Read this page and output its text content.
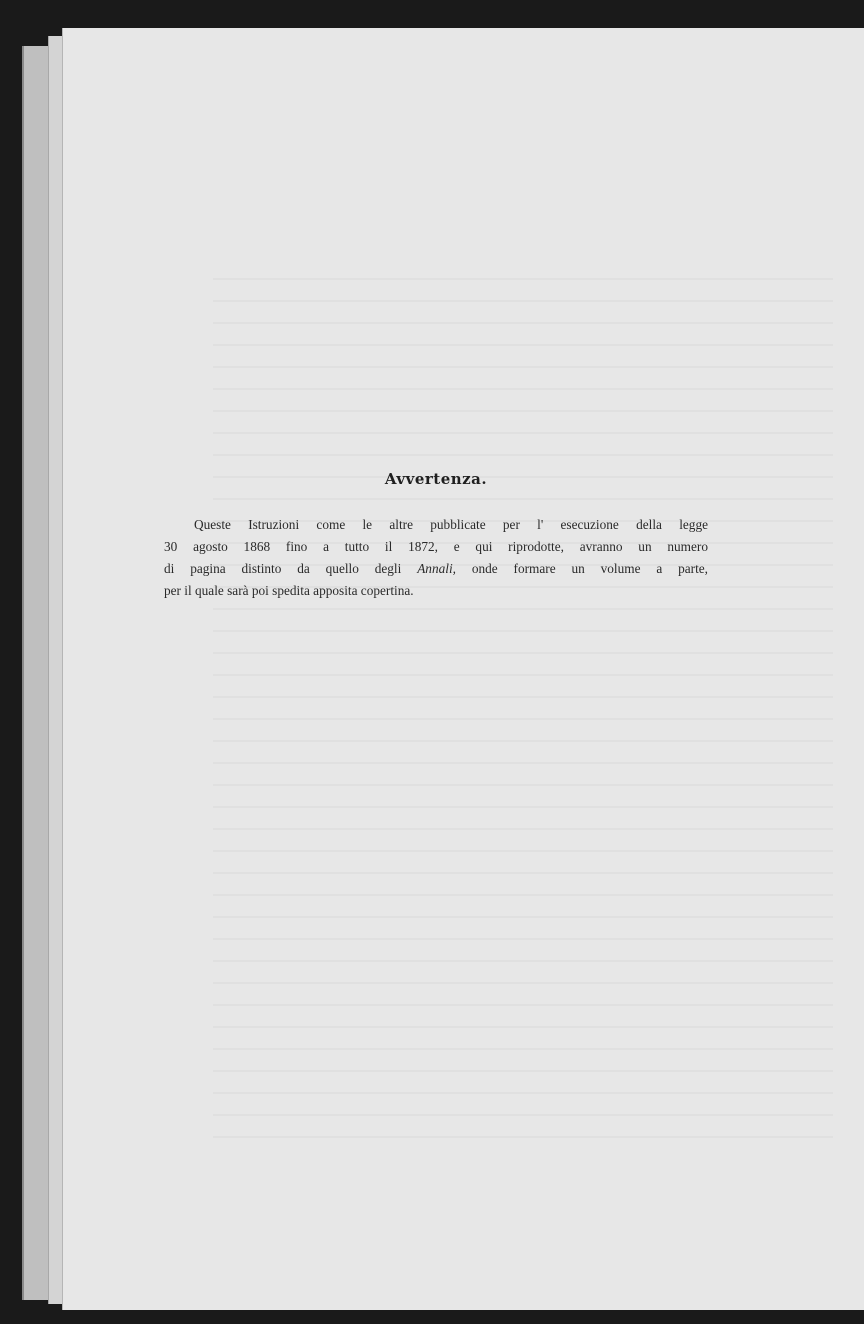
Avvertenza.
Queste Istruzioni come le altre pubblicate per l' esecuzione della legge
30 agosto 1868 fino a tutto il 1872, e qui riprodotte, avranno un numero
di pagina distinto da quello degli Annali, onde formare un volume a parte,
per il quale sarà poi spedita apposita copertina.
